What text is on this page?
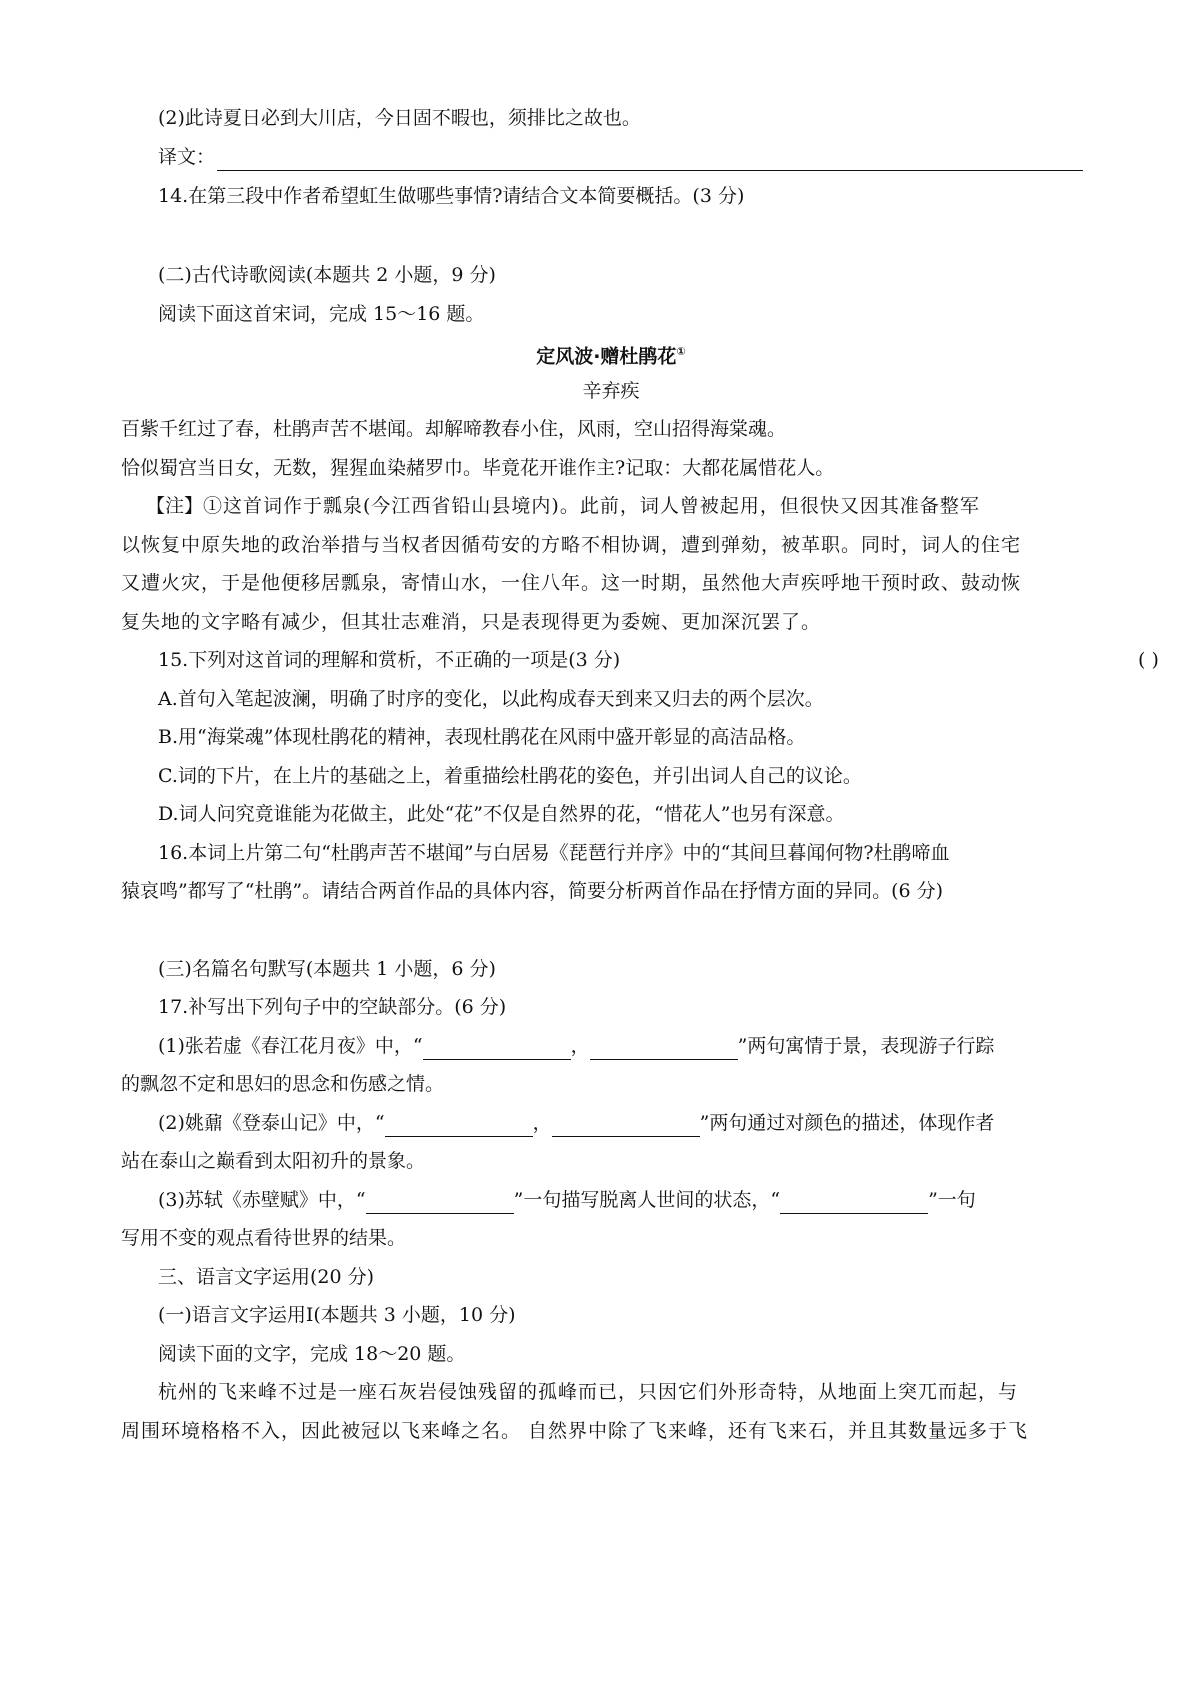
(2)此诗夏日必到大川店，今日固不暇也，须排比之故也。
译文：
14.在第三段中作者希望虹生做哪些事情?请结合文本简要概括。(3 分)
(二)古代诗歌阅读(本题共 2 小题，9 分)
阅读下面这首宋词，完成 15～16 题。
定风波·赠杜鹃花①
辛弃疾
百紫千红过了春，杜鹃声苦不堪闻。却解啼教春小住，风雨，空山招得海棠魂。
恰似蜀宫当日女，无数，猩猩血染赭罗巾。毕竟花开谁作主?记取：大都花属惜花人。
【注】①这首词作于瓢泉(今江西省铅山县境内)。此前，词人曾被起用，但很快又因其准备整军
以恢复中原失地的政治举措与当权者因循苟安的方略不相协调，遭到弹劾，被革职。同时，词人的住宅
又遭火灾，于是他便移居瓢泉，寄情山水，一住八年。这一时期，虽然他大声疾呼地干预时政、鼓动恢
复失地的文字略有减少，但其壮志难消，只是表现得更为委婉、更加深沉罢了。
15.下列对这首词的理解和赏析，不正确的一项是(3 分)	( )
A.首句入笔起波澜，明确了时序的变化，以此构成春天到来又归去的两个层次。
B.用“海棠魂”体现杜鹃花的精神，表现杜鹃花在风雨中盛开彰显的高洁品格。
C.词的下片，在上片的基础之上，着重描绘杜鹃花的姿色，并引出词人自己的议论。
D.词人问究竟谁能为花做主，此处“花”不仅是自然界的花，“惜花人”也另有深意。
16.本词上片第二句“杜鹃声苦不堪闻”与白居易《琵琶行并序》中的“其间旦暮闻何物?杜鹃啼血
猿哀鸣”都写了“杜鹃”。请结合两首作品的具体内容，简要分析两首作品在抒情方面的异同。(6 分)
(三)名篇名句默写(本题共 1 小题，6 分)
17.补写出下列句子中的空缺部分。(6 分)
(1)张若虚《春江花月夜》中，“	，	”两句寓情于景，表现游子行踪
的飘忽不定和思妇的思念和伤感之情。
(2)姚鼐《登泰山记》中，“	，	”两句通过对颜色的描述，体现作者
站在泰山之巅看到太阳初升的景象。
(3)苏轼《赤壁赋》中，“	”一句描写脱离人世间的状态，“	”一句
写用不变的观点看待世界的结果。
三、语言文字运用(20 分)
(一)语言文字运用Ⅰ(本题共 3 小题，10 分)
阅读下面的文字，完成 18～20 题。
杭州的飞来峰不过是一座石灰岩侵蚀残留的孤峰而已，只因它们外形奇特，从地面上突兀而起，与
周围环境格格不入，因此被冠以飞来峰之名。 自然界中除了飞来峰，还有飞来石，并且其数量远多于飞
